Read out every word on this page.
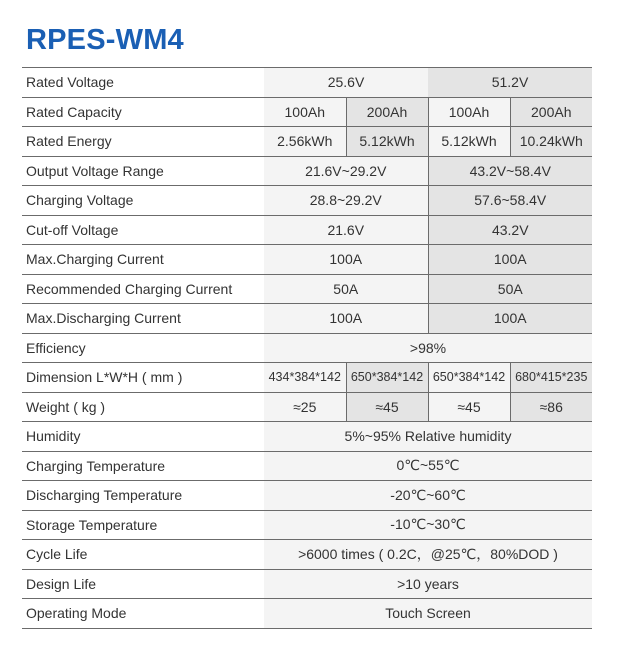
RPES-WM4
Rated Voltage	25.6V		51.2V	
Rated Capacity	100Ah	200Ah	100Ah	200Ah
Rated Energy	2.56kWh	5.12kWh	5.12kWh	10.24kWh
Output Voltage Range	21.6V~29.2V		43.2V~58.4V	
Charging Voltage	28.8~29.2V		57.6~58.4V	
Cut-off Voltage	21.6V		43.2V	
Max.Charging Current	100A		100A	
Recommended Charging Current	50A		50A	
Max.Discharging Current	100A		100A	
Efficiency	>98%			
Dimension L*W*H ( mm )	434*384*142	650*384*142	650*384*142	680*415*235
Weight ( kg )	≈25	≈45	≈45	≈86
Humidity	5%~95% Relative humidity			
Charging Temperature	0℃~55℃			
Discharging Temperature	-20℃~60℃			
Storage Temperature	-10℃~30℃			
Cycle Life	>6000 times ( 0.2C，@25℃，80%DOD )			
Design Life	>10 years			
Operating Mode	Touch Screen			
